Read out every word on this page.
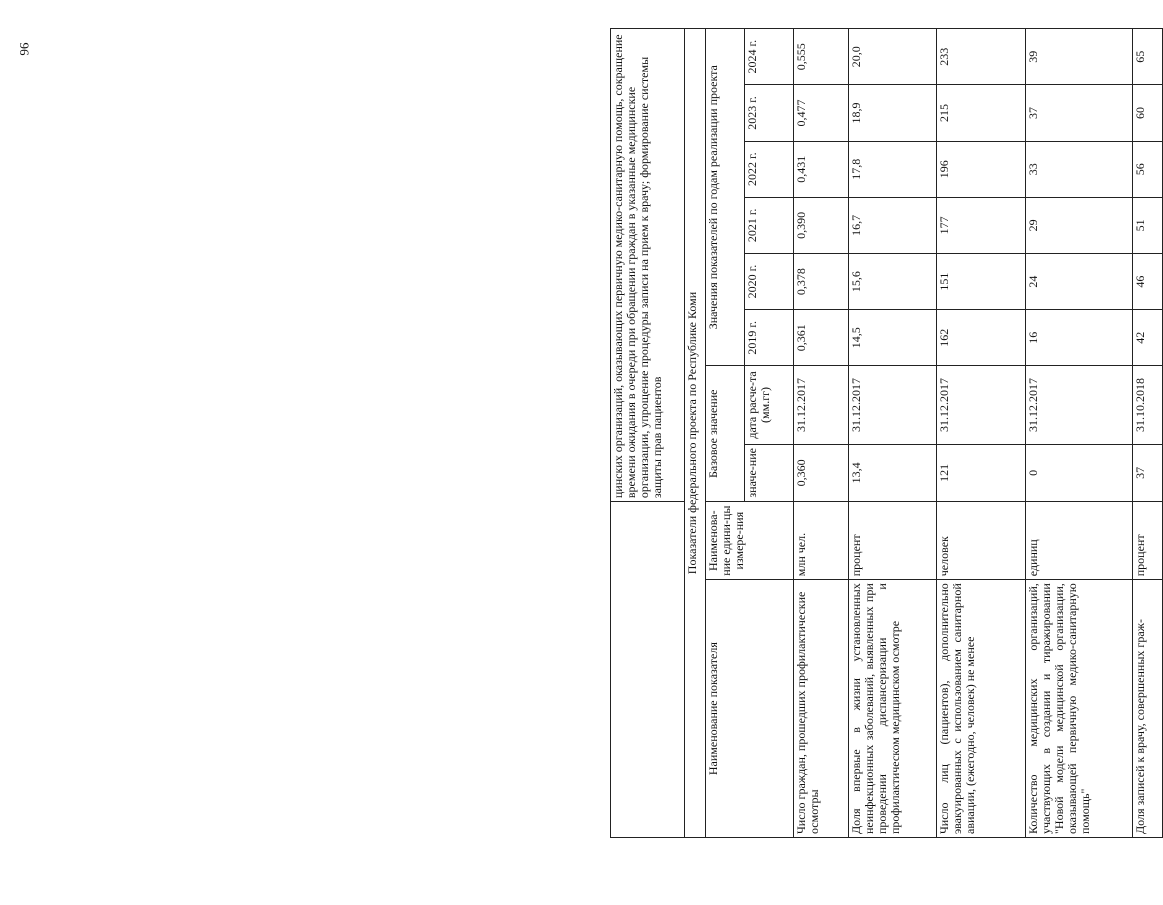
96
		цинских организаций, оказывающих первичную медико-санитарную помощь, сокращение времени ожидания в очереди при обращении граждан в указанные медицинские организации, упрощение процедуры записи на прием к врачу; формирование системы защиты прав пациентов							
Показатели федерального проекта по Республике Коми									
Наименование показателя	Наименова-ние едини-цы измере-ния	Базовое значение		Значения показателей по годам реализации проекта					
		значе-ние	дата расче-та (мм.гг)	2019 г.	2020 г.	2021 г.	2022 г.	2023 г.	2024 г.
Число граждан, прошедших профилактические осмотры	млн чел.	0,360	31.12.2017	0,361	0,378	0,390	0,431	0,477	0,555
Доля впервые в жизни установленных неинфекционных заболеваний, выявленных при проведении диспансеризации и профилактическом медицинском осмотре	процент	13,4	31.12.2017	14,5	15,6	16,7	17,8	18,9	20,0
Число лиц (пациентов), дополнительно эвакуированных с использованием санитарной авиации, (ежегодно, человек) не менее	человек	121	31.12.2017	162	151	177	196	215	233
Количество медицинских организаций, участвующих в создании и тиражировании "Новой модели медицинской организации, оказывающей первичную медико-санитарную помощь"	единиц	0	31.12.2017	16	24	29	33	37	39
Доля записей к врачу, совершенных граж-	процент	37	31.10.2018	42	46	51	56	60	65
